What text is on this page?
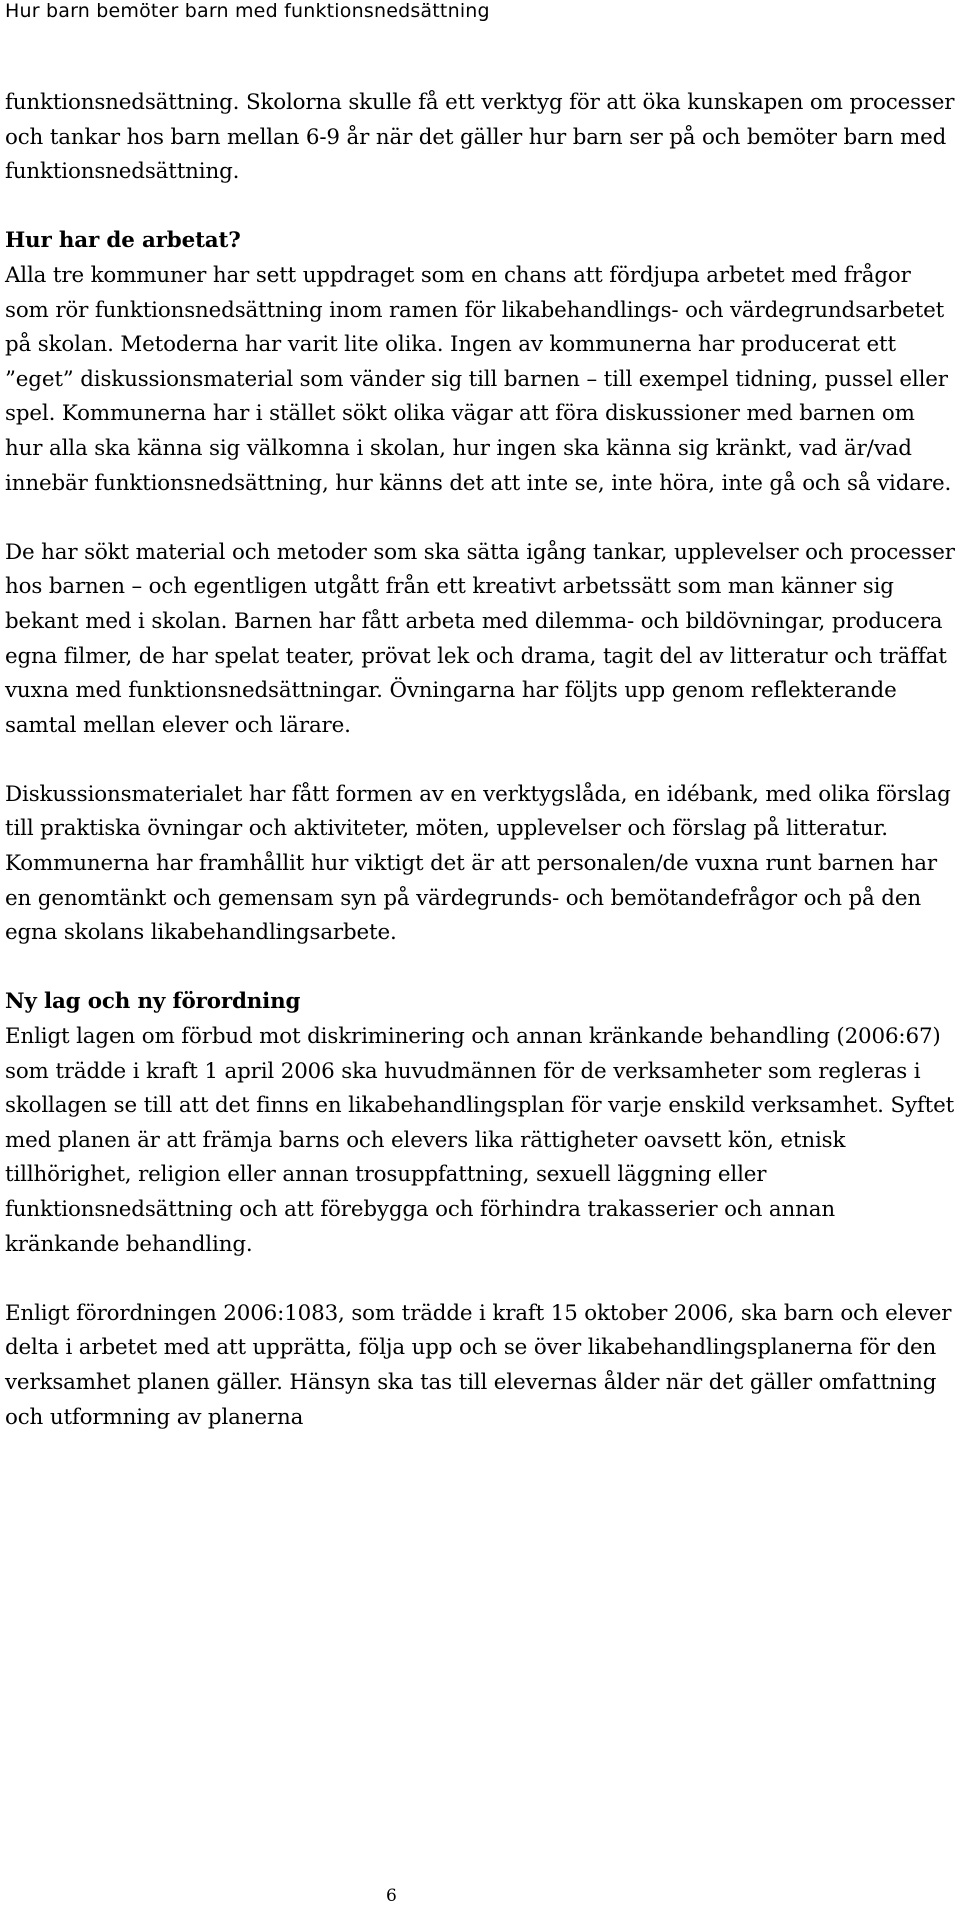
Hur barn bemöter barn med funktionsnedsättning

funktionsnedsättning. Skolorna skulle få ett verktyg för att öka kunskapen om processer och tankar hos barn mellan 6-9 år när det gäller hur barn ser på och bemöter barn med funktionsnedsättning.

Hur har de arbetat?

Alla tre kommuner har sett uppdraget som en chans att fördjupa arbetet med frågor som rör funktionsnedsättning inom ramen för likabehandlings- och värdegrundsarbetet på skolan. Metoderna har varit lite olika. Ingen av kommunerna har producerat ett ”eget” diskussionsmaterial som vänder sig till barnen – till exempel tidning, pussel eller spel. Kommunerna har i stället sökt olika vägar att föra diskussioner med barnen om hur alla ska känna sig välkomna i skolan, hur ingen ska känna sig kränkt, vad är/vad innebär funktionsnedsättning, hur känns det att inte se, inte höra, inte gå och så vidare.

De har sökt material och metoder som ska sätta igång tankar, upplevelser och processer hos barnen – och egentligen utgått från ett kreativt arbetssätt som man känner sig bekant med i skolan. Barnen har fått arbeta med dilemma- och bildövningar, producera egna filmer, de har spelat teater, prövat lek och drama, tagit del av litteratur och träffat vuxna med funktionsnedsättningar. Övningarna har följts upp genom reflekterande samtal mellan elever och lärare.

Diskussionsmaterialet har fått formen av en verktygslåda, en idébank, med olika förslag till praktiska övningar och aktiviteter, möten, upplevelser och förslag på litteratur. Kommunerna har framhållit hur viktigt det är att personalen/de vuxna runt barnen har en genomtänkt och gemensam syn på värdegrunds- och bemötandefrågor och på den egna skolans likabehandlingsarbete.

Ny lag och ny förordning

Enligt lagen om förbud mot diskriminering och annan kränkande behandling (2006:67) som trädde i kraft 1 april 2006 ska huvudmännen för de verksamheter som regleras i skollagen se till att det finns en likabehandlingsplan för varje enskild verksamhet. Syftet med planen är att främja barns och elevers lika rättigheter oavsett kön, etnisk tillhörighet, religion eller annan trosuppfattning, sexuell läggning eller funktionsnedsättning och att förebygga och förhindra trakasserier och annan kränkande behandling.

Enligt förordningen 2006:1083, som trädde i kraft 15 oktober 2006, ska barn och elever delta i arbetet med att upprätta, följa upp och se över likabehandlingsplanerna för den verksamhet planen gäller. Hänsyn ska tas till elevernas ålder när det gäller omfattning och utformning av planerna

6
